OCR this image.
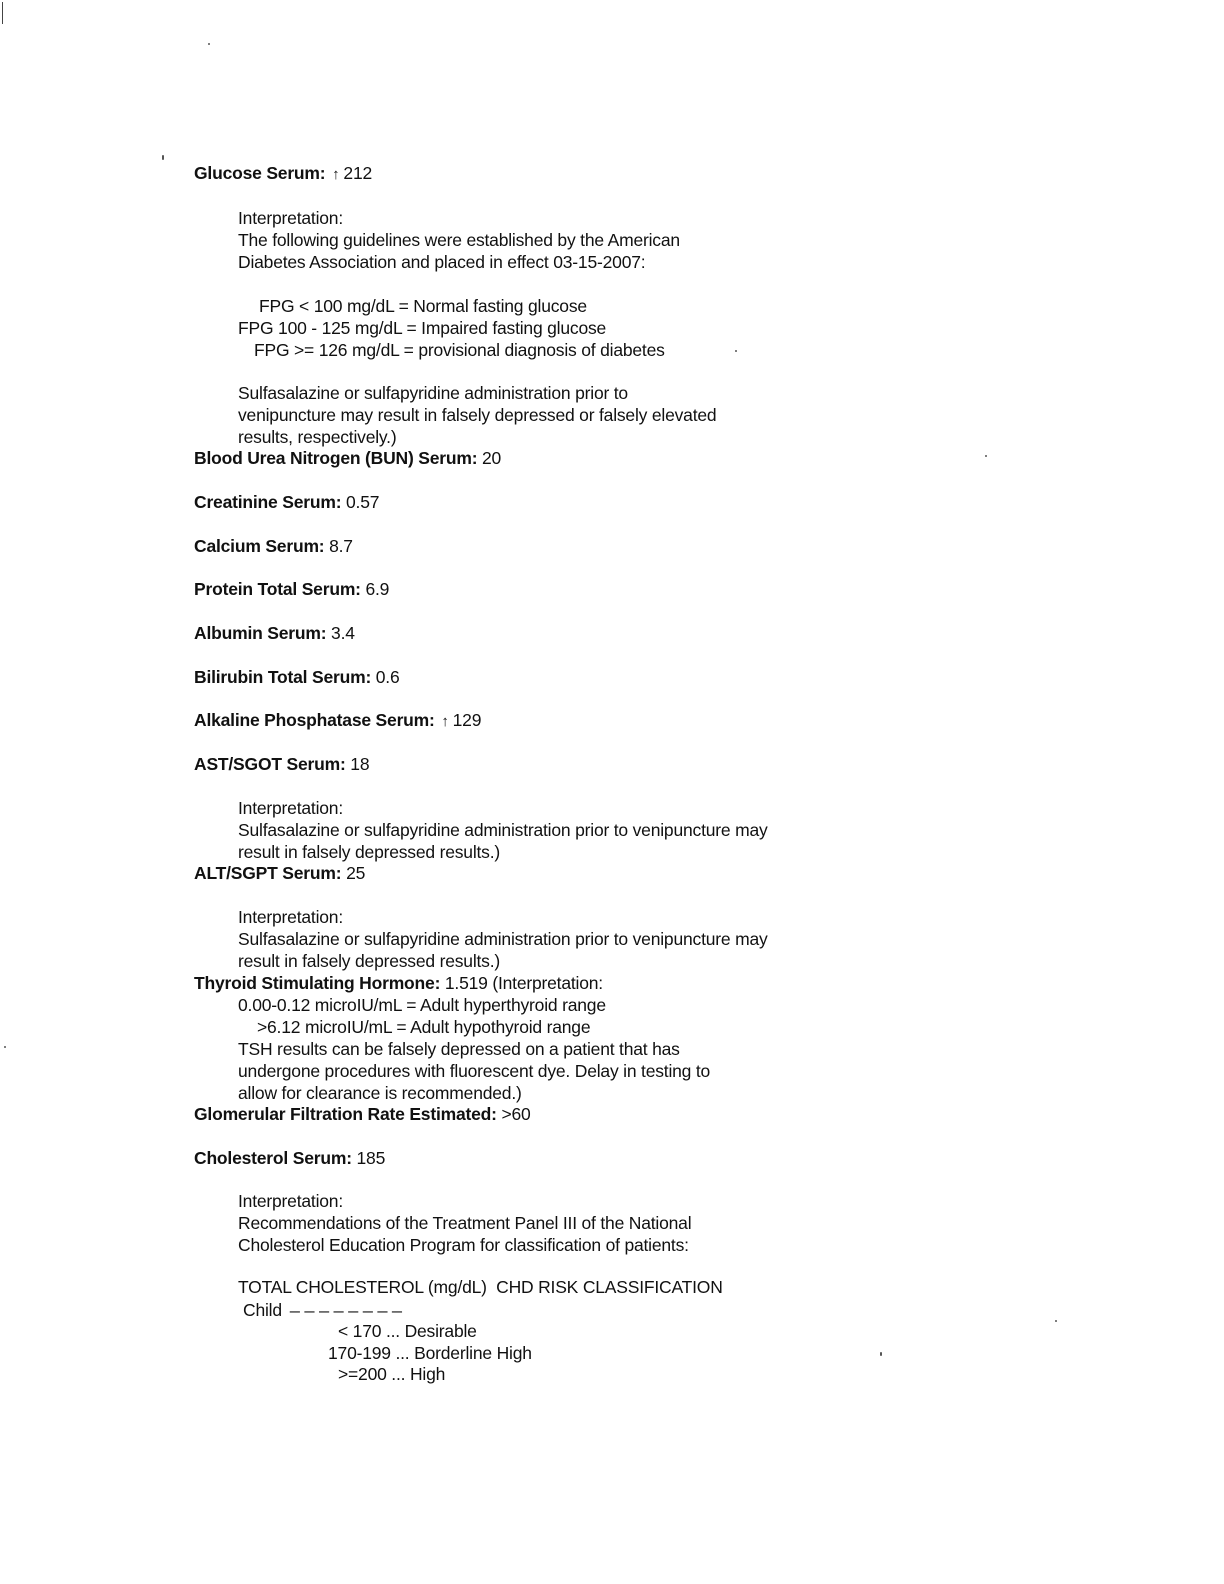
Glucose Serum: ↑ 212
Interpretation:
The following guidelines were established by the American
Diabetes Association and placed in effect 03-15-2007:
FPG < 100 mg/dL = Normal fasting glucose
FPG 100 - 125 mg/dL = Impaired fasting glucose
FPG >= 126 mg/dL = provisional diagnosis of diabetes
Sulfasalazine or sulfapyridine administration prior to
venipuncture may result in falsely depressed or falsely elevated
results, respectively.)
Blood Urea Nitrogen (BUN) Serum: 20
Creatinine Serum: 0.57
Calcium Serum: 8.7
Protein Total Serum: 6.9
Albumin Serum: 3.4
Bilirubin Total Serum: 0.6
Alkaline Phosphatase Serum: ↑ 129
AST/SGOT Serum: 18
Interpretation:
Sulfasalazine or sulfapyridine administration prior to venipuncture may
result in falsely depressed results.)
ALT/SGPT Serum: 25
Interpretation:
Sulfasalazine or sulfapyridine administration prior to venipuncture may
result in falsely depressed results.)
Thyroid Stimulating Hormone: 1.519 (Interpretation:
0.00-0.12 microIU/mL = Adult hyperthyroid range
>6.12 microIU/mL = Adult hypothyroid range
TSH results can be falsely depressed on a patient that has
undergone procedures with fluorescent dye. Delay in testing to
allow for clearance is recommended.)
Glomerular Filtration Rate Estimated: >60
Cholesterol Serum: 185
Interpretation:
Recommendations of the Treatment Panel III of the National
Cholesterol Education Program for classification of patients:
TOTAL CHOLESTEROL (mg/dL)  CHD RISK CLASSIFICATION
Child _ _ _ _ _ _ _ _
< 170 ... Desirable
170-199 ... Borderline High
>=200 ... High
